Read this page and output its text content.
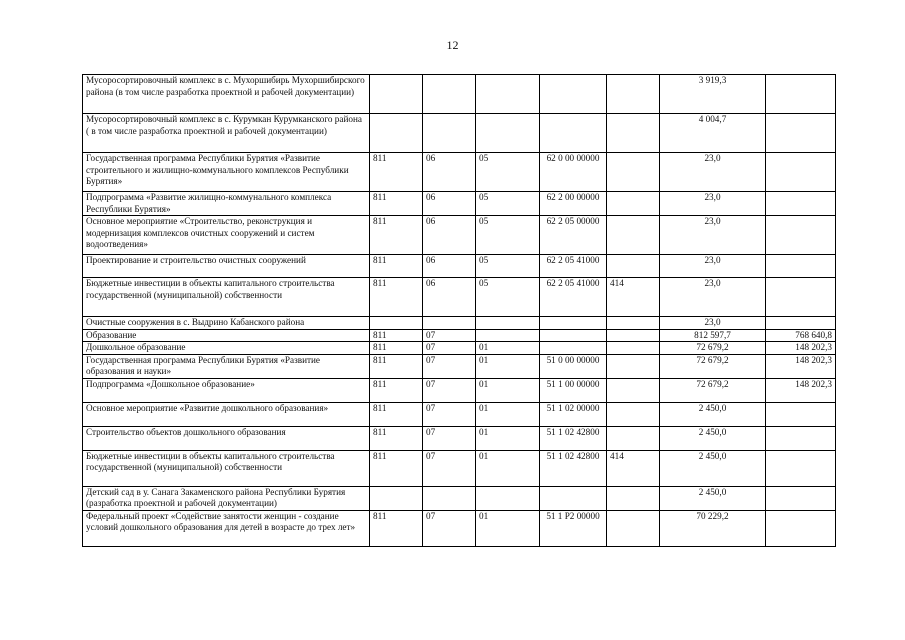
12
Мусоросортировочный комплекс в с. Мухоршибирь Мухоршибирского района (в том числе разработка проектной и рабочей документации)						3 919,3	
Мусоросортировочный комплекс в с. Курумкан Курумканского района ( в том числе разработка проектной и рабочей документации)						4 004,7	
Государственная программа Республики Бурятия «Развитие строительного и жилищно-коммунального комплексов Республики Бурятия»	811	06	05	62 0 00 00000		23,0	
Подпрограмма «Развитие жилищно-коммунального комплекса Республики Бурятия»	811	06	05	62 2 00 00000		23,0	
Основное мероприятие «Строительство, реконструкция и модернизация комплексов очистных сооружений и систем водоотведения»	811	06	05	62 2 05 00000		23,0	
Проектирование и строительство очистных сооружений	811	06	05	62 2 05 41000		23,0	
Бюджетные инвестиции в объекты капитального строительства государственной (муниципальной) собственности	811	06	05	62 2 05 41000	414	23,0	
Очистные сооружения в с. Выдрино Кабанского района						23,0	
Образование	811	07				812 597,7	768 640,8
Дошкольное образование	811	07	01			72 679,2	148 202,3
Государственная программа Республики Бурятия «Развитие образования и науки»	811	07	01	51 0 00 00000		72 679,2	148 202,3
Подпрограмма «Дошкольное образование»	811	07	01	51 1 00 00000		72 679,2	148 202,3
Основное мероприятие «Развитие дошкольного образования»	811	07	01	51 1 02 00000		2 450,0	
Строительство объектов дошкольного образования	811	07	01	51 1 02 42800		2 450,0	
Бюджетные инвестиции в объекты капитального строительства государственной (муниципальной) собственности	811	07	01	51 1 02 42800	414	2 450,0	
Детский сад в у. Санага Закаменского района Республики Бурятия (разработка проектной и рабочей документации)						2 450,0	
Федеральный проект «Содействие занятости женщин - создание условий дошкольного образования для детей в возрасте до трех лет»	811	07	01	51 1 Р2 00000		70 229,2	
